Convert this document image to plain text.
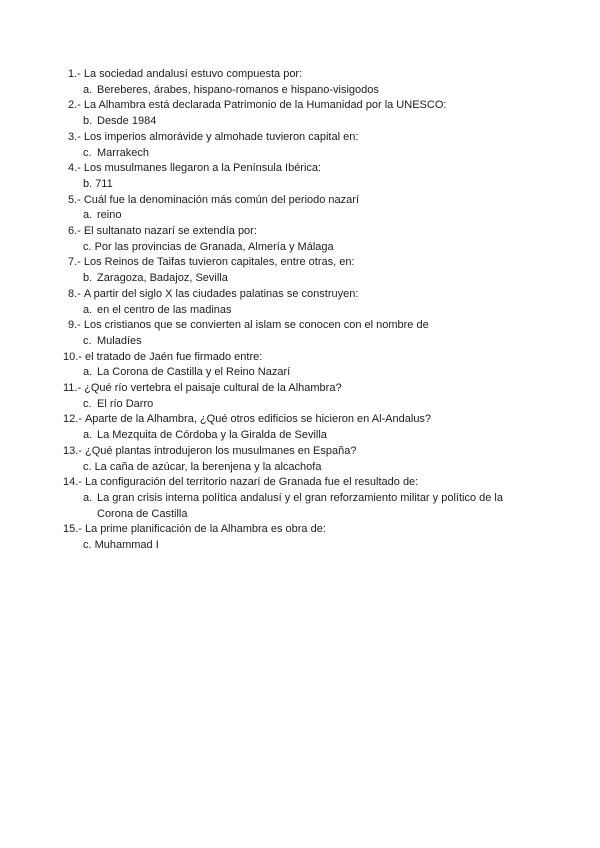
1.- La sociedad andalusí estuvo compuesta por:
a. Bereberes, árabes, hispano-romanos e hispano-visigodos
2.- La Alhambra está declarada Patrimonio de la Humanidad por la UNESCO:
b. Desde 1984
3.- Los imperios almorávide y almohade tuvieron capital en:
c. Marrakech
4.- Los musulmanes llegaron a la Península Ibérica:
b. 711
5.- Cuál fue la denominación más común del periodo nazarí
a. reino
6.- El sultanato nazarí se extendía por:
c. Por las provincias de Granada, Almería y Málaga
7.- Los Reinos de Taifas tuvieron capitales, entre otras, en:
b. Zaragoza, Badajoz, Sevilla
8.- A partir del siglo X las ciudades palatinas se construyen:
a. en el centro de las madinas
9.- Los cristianos que se convierten al islam se conocen con el nombre de
c. Muladíes
10.- el tratado de Jaén fue firmado entre:
a. La Corona de Castilla y el Reino Nazarí
11.- ¿Qué río vertebra el paisaje cultural de la Alhambra?
c. El río Darro
12.- Aparte de la Alhambra, ¿Qué otros edificios se hicieron en Al-Andalus?
a. La Mezquita de Córdoba y la Giralda de Sevilla
13.- ¿Qué plantas introdujeron los musulmanes en España?
c. La caña de azúcar, la berenjena y la alcachofa
14.- La configuración del territorio nazarí de Granada fue el resultado de:
a. La gran crisis interna política andalusí y el gran reforzamiento militar y político de la
Corona de Castilla
15.- La prime planificación de la Alhambra es obra de:
c. Muhammad I
